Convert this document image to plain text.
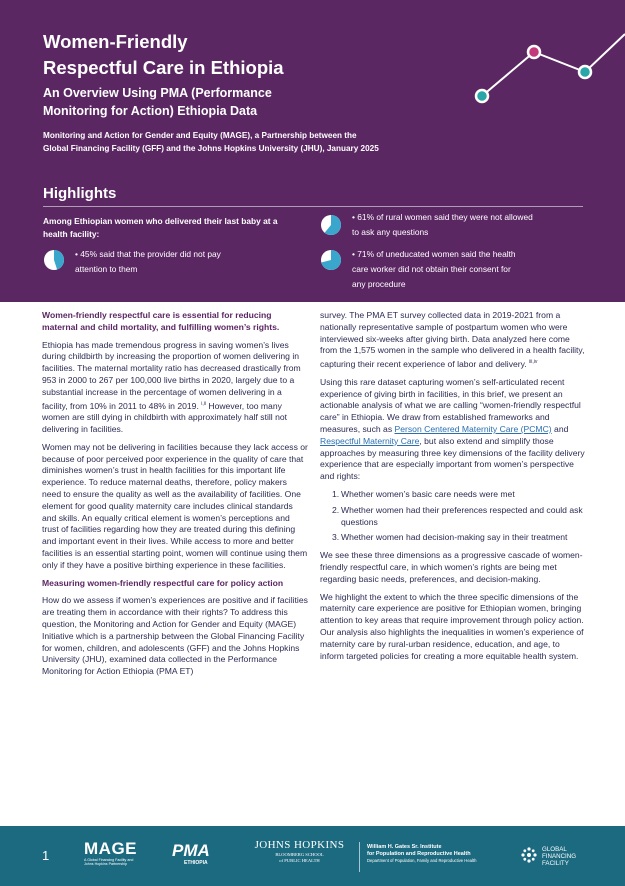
Women-Friendly
Respectful Care in Ethiopia
An Overview Using PMA (Performance
Monitoring for Action) Ethiopia Data
Monitoring and Action for Gender and Equity (MAGE), a Partnership between the
Global Financing Facility (GFF) and the Johns Hopkins University (JHU), January 2025
Highlights
Among Ethiopian women who delivered their last baby at a health facility:
• 45% said that the provider did not pay
attention to them
• 61% of rural women said they were not allowed
to ask any questions
• 71% of uneducated women said the health
care worker did not obtain their consent for
any procedure

Women-friendly respectful care is essential for reducing maternal and child mortality, and fulfilling women’s rights.

Ethiopia has made tremendous progress in saving women’s lives during childbirth by increasing the proportion of women delivering in facilities. The maternal mortality ratio has decreased drastically from 953 in 2000 to 267 per 100,000 live births in 2020, largely due to a substantial increase in the percentage of women delivering in a facility, from 10% in 2011 to 48% in 2019. $^{i,ii}$ However, too many women are still dying in childbirth with approximately half still not delivering in facilities.

Women may not be delivering in facilities because they lack access or because of poor perceived poor experience in the quality of care that diminishes women’s trust in health facilities for this important life experience. To reduce maternal deaths, therefore, policy makers need to ensure the quality as well as the availability of facilities. One element for good quality maternity care includes clinical standards and skills. An equally critical element is women’s perceptions and trust of facilities regarding how they are treated during this defining and important event in their lives. While access to more and better facilities is an essential starting point, women will continue using them only if they have a positive birthing experience in these facilities.

Measuring women-friendly respectful care for policy action

How do we assess if women’s experiences are positive and if facilities are treating them in accordance with their rights? To address this question, the Monitoring and Action for Gender and Equity (MAGE) Initiative which is a partnership between the Global Financing Facility for women, children, and adolescents (GFF) and the Johns Hopkins University (JHU), examined data collected in the Performance Monitoring for Action Ethiopia (PMA ET)

survey. The PMA ET survey collected data in 2019-2021 from a nationally representative sample of postpartum women who were interviewed six-weeks after giving birth. Data analyzed here come from the 1,575 women in the sample who delivered in a health facility, capturing their recent experience of labor and delivery. $^{iii,iv}$

Using this rare dataset capturing women’s self-articulated recent experience of giving birth in facilities, in this brief, we present an actionable analysis of what we are calling “women-friendly respectful care” in Ethiopia. We draw from established frameworks and measures, such as Person Centered Maternity Care (PCMC) and Respectful Maternity Care, but also extend and simplify those approaches by measuring three key dimensions of the facility delivery experience that are especially important from women’s perspective and rights:

1. Whether women’s basic care needs were met
2. Whether women had their preferences respected and could ask questions
3. Whether women had decision-making say in their treatment

We see these three dimensions as a progressive cascade of women-friendly respectful care, in which women’s rights are being met regarding basic needs, preferences, and decision-making.

We highlight the extent to which the three specific dimensions of the maternity care experience are positive for Ethiopian women, bringing attention to key areas that require improvement through policy action. Our analysis also highlights the inequalities in women’s experience of maternity care by rural-urban residence, education, and age, to inform targeted policies for creating a more equitable health system.

1 MAGE
A Global Financing Facility and
Johns Hopkins Partnership
PMA
ETHIOPIA
JOHNS HOPKINS
BLOOMBERG SCHOOL
of PUBLIC HEALTH
William H. Gates Sr. Institute
for Population and Reproductive Health
Department of Population, Family and Reproductive Health
GLOBAL
FINANCING
FACILITY
